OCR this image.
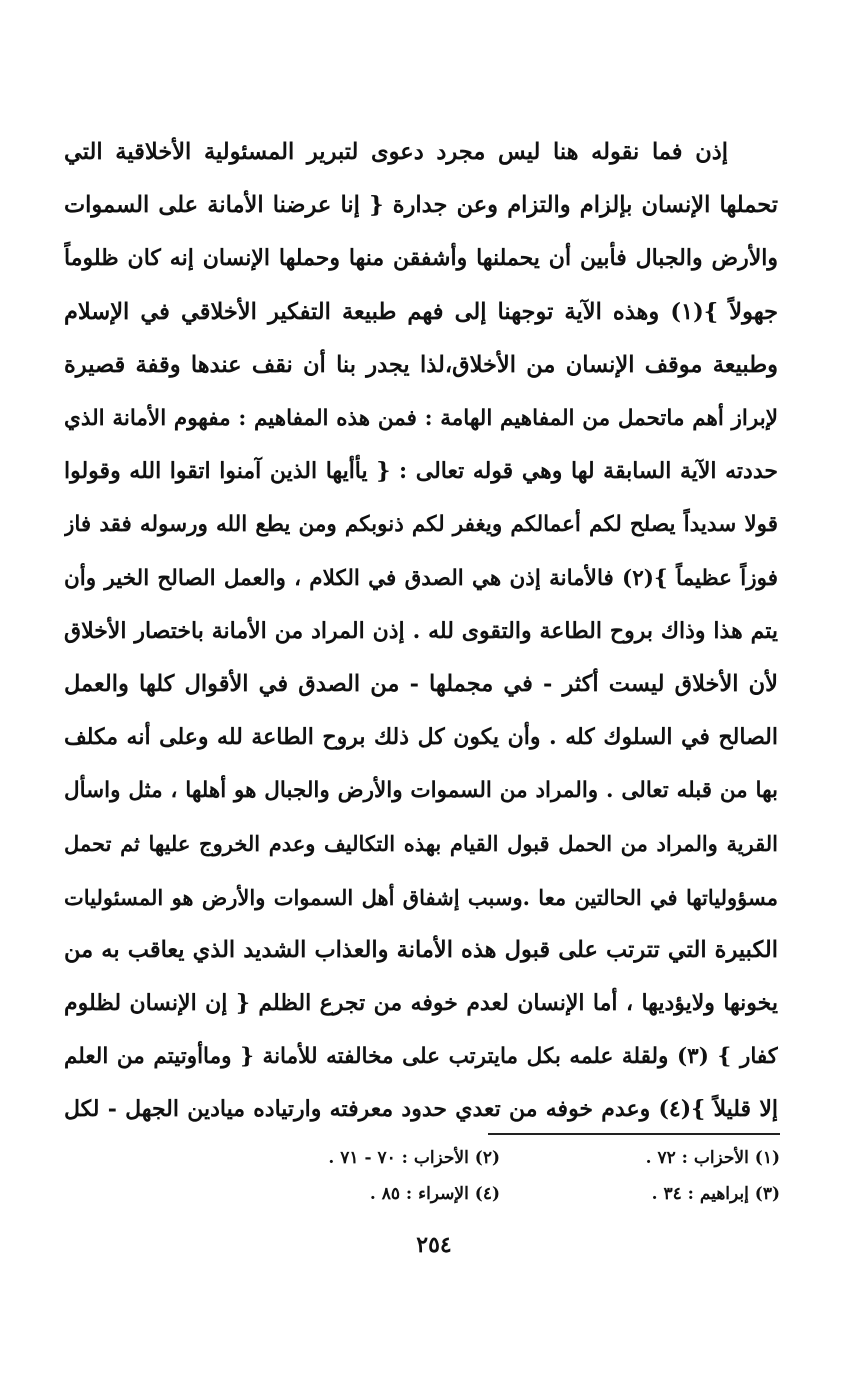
إذن فما نقوله هنا ليس مجرد دعوى لتبرير المسئولية الأخلاقية التي
تحملها الإنسان بإلزام والتزام وعن جدارة { إنا عرضنا الأمانة على السموات
والأرض والجبال فأبين أن يحملنها وأشفقن منها وحملها الإنسان إنه كان ظلوماً
جهولاً }(١) وهذه الآية توجهنا إلى فهم طبيعة التفكير الأخلاقي في الإسلام
وطبيعة موقف الإنسان من الأخلاق،لذا يجدر بنا أن نقف عندها وقفة قصيرة
لإبراز أهم ماتحمل من المفاهيم الهامة : فمن هذه المفاهيم : مفهوم الأمانة الذي
حددته الآية السابقة لها وهي قوله تعالى : { يأأيها الذين آمنوا اتقوا الله وقولوا
قولا سديداً يصلح لكم أعمالكم ويغفر لكم ذنوبكم ومن يطع الله ورسوله فقد فاز
فوزاً عظيماً }(٢) فالأمانة إذن هي الصدق في الكلام ، والعمل الصالح الخير وأن
يتم هذا وذاك بروح الطاعة والتقوى لله . إذن المراد من الأمانة باختصار الأخلاق
لأن الأخلاق ليست أكثر - في مجملها - من الصدق في الأقوال كلها والعمل
الصالح في السلوك كله . وأن يكون كل ذلك بروح الطاعة لله وعلى أنه مكلف
بها من قبله تعالى . والمراد من السموات والأرض والجبال هو أهلها ، مثل واسأل
القرية والمراد من الحمل قبول القيام بهذه التكاليف وعدم الخروج عليها ثم تحمل
مسؤولياتها في الحالتين معا .وسبب إشفاق أهل السموات والأرض هو المسئوليات
الكبيرة التي تترتب على قبول هذه الأمانة والعذاب الشديد الذي يعاقب به من
يخونها ولايؤديها ، أما الإنسان لعدم خوفه من تجرع الظلم { إن الإنسان لظلوم
كفار } (٣) ولقلة علمه بكل مايترتب على مخالفته للأمانة { وماأوتيتم من العلم
إلا قليلاً }(٤) وعدم خوفه من تعدي حدود معرفته وارتياده ميادين الجهل - لكل
(١) الأحزاب : ٧٢ .
(٢) الأحزاب : ٧٠ - ٧١ .
(٣) إبراهيم : ٣٤ .
(٤) الإسراء : ٨٥ .
٢٥٤
